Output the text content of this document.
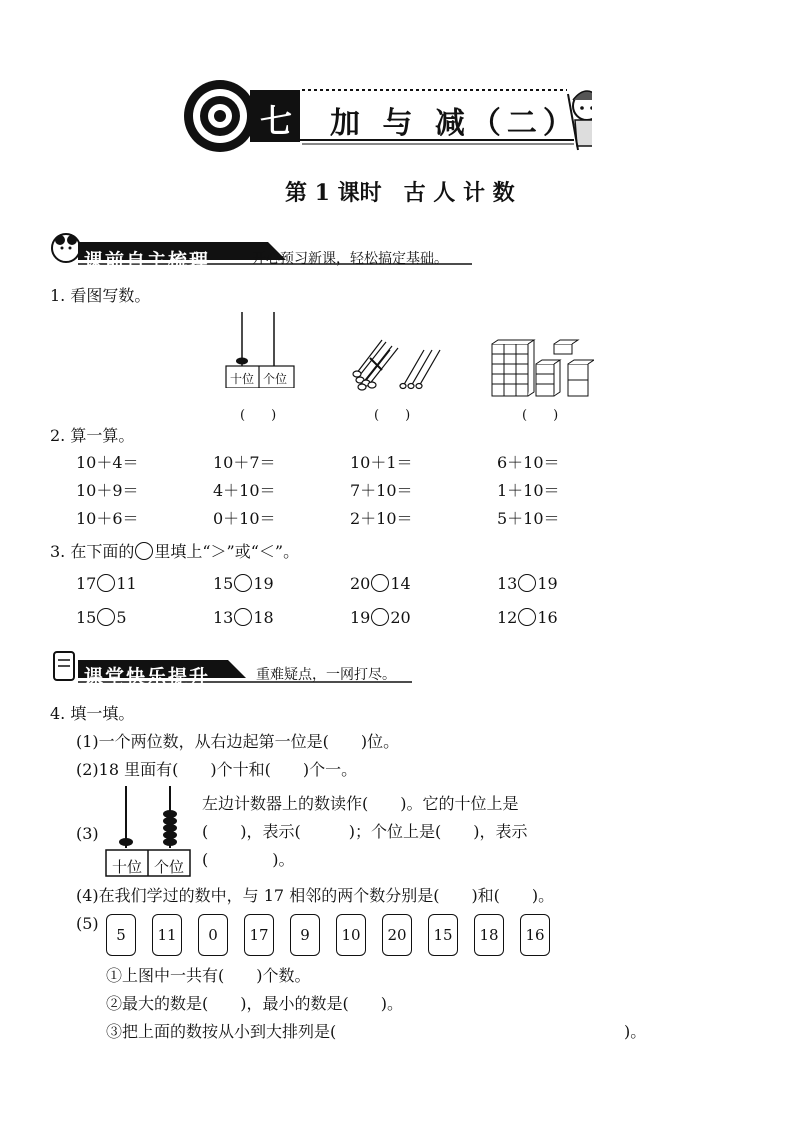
七 加 与 减（二）
第 1 课时　古 人 计 数
课前自主梳理	开心预习新课，轻松搞定基础。
1. 看图写数。
十位 个位
(　　)	(　　)	(　　)
2. 算一算。
10＋4＝	10＋7＝	10＋1＝	6＋10＝
10＋9＝	4＋10＝	7＋10＝	1＋10＝
10＋6＝	0＋10＝	2＋10＝	5＋10＝
3. 在下面的 里填上“＞”或“＜”。
17 11	15 19	20 14	13 19
15 5	13 18	19 20	12 16
课堂快乐提升	重难疑点，一网打尽。
4. 填一填。
(1)一个两位数，从右边起第一位是(　　)位。
(2)18 里面有(　　)个十和(　　)个一。
(3)
十位 个位
左边计数器上的数读作(　　)。它的十位上是
(　　)，表示(　　　)；个位上是(　　)，表示
(　　　　)。
(4)在我们学过的数中，与 17 相邻的两个数分别是(　　)和(　　)。
(5)
5	11	0	17	9	10	20	15	18	16
①上图中一共有(　　)个数。
②最大的数是(　　)，最小的数是(　　)。
③把上面的数按从小到大排列是(	)。
